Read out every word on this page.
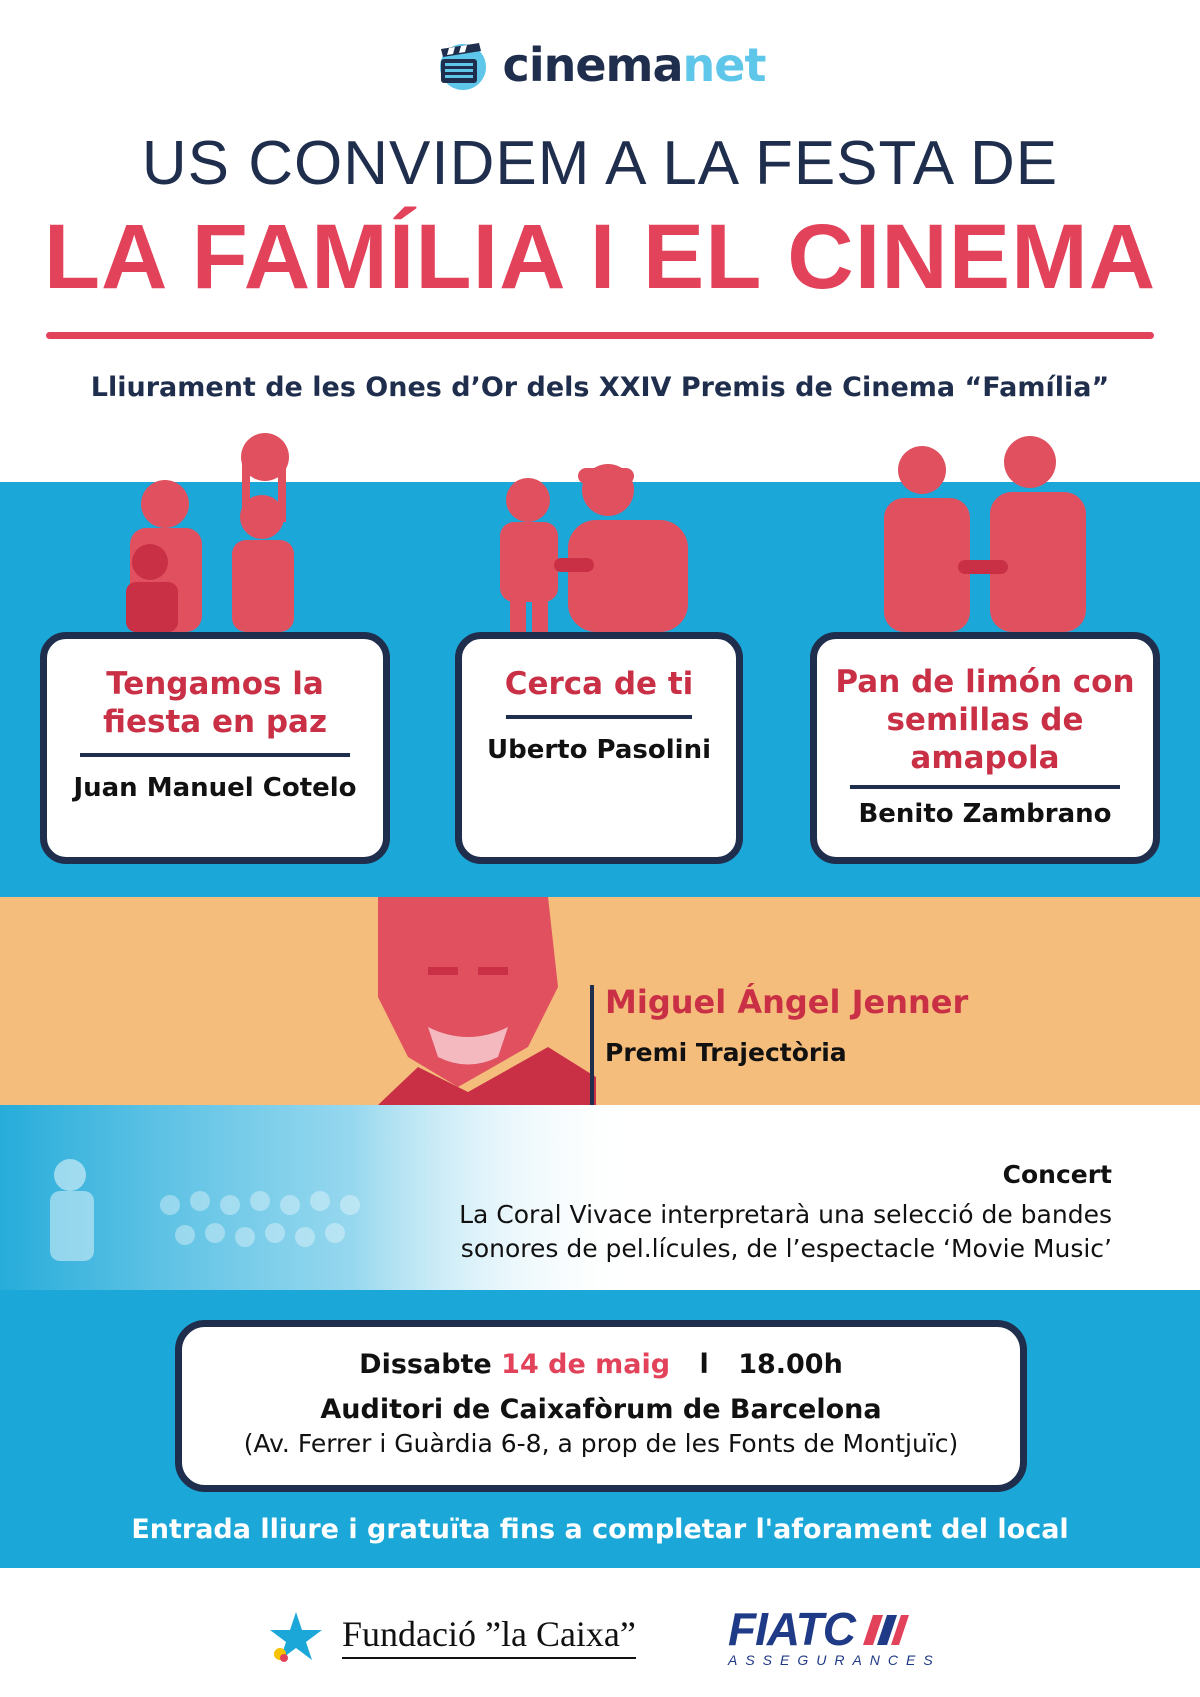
cinemanet
US CONVIDEM A LA FESTA DE
LA FAMÍLIA I EL CINEMA
Lliurament de les Ones d’Or dels XXIV Premis de Cinema “Família”
Tengamos la fiesta en paz
Juan Manuel Cotelo
Cerca de ti
Uberto Pasolini
Pan de limón con semillas de amapola
Benito Zambrano
Miguel Ángel Jenner
Premi Trajectòria
Concert
La Coral Vivace interpretarà una selecció de bandes sonores de pel.lícules, de l’espectacle ‘Movie Music’
Dissabte 14 de maig l 18.00h
Auditori de Caixafòrum de Barcelona
(Av. Ferrer i Guàrdia 6-8, a prop de les Fonts de Montjuïc)
Entrada lliure i gratuïta fins a completar l'aforament del local
Fundació ”la Caixa” FIATC
ASSEGURANCES
